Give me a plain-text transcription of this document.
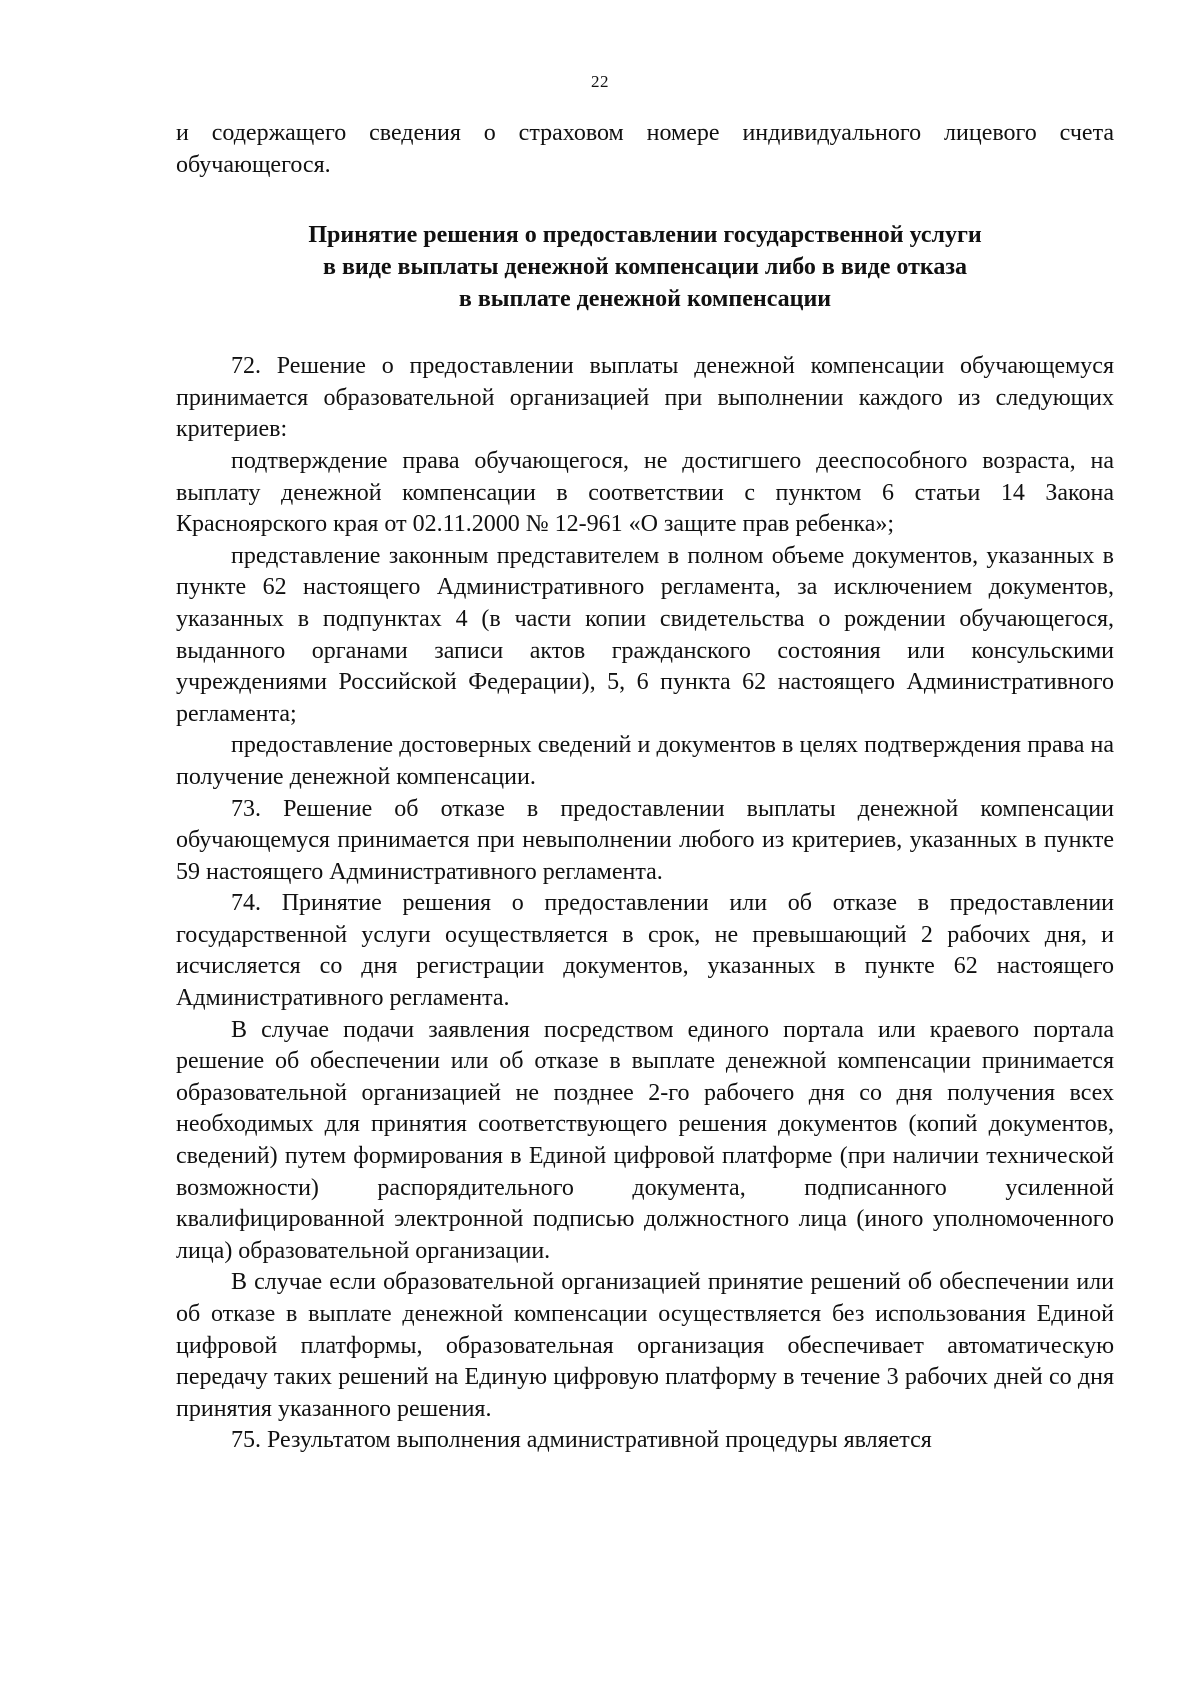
22

и содержащего сведения о страховом номере индивидуального лицевого счета обучающегося.

Принятие решения о предоставлении государственной услуги
в виде выплаты денежной компенсации либо в виде отказа
в выплате денежной компенсации

72. Решение о предоставлении выплаты денежной компенсации обучающемуся принимается образовательной организацией при выполнении каждого из следующих критериев:

подтверждение права обучающегося, не достигшего дееспособного возраста, на выплату денежной компенсации в соответствии с пунктом 6 статьи 14 Закона Красноярского края от 02.11.2000 № 12-961 «О защите прав ребенка»;

представление законным представителем в полном объеме документов, указанных в пункте 62 настоящего Административного регламента, за исключением документов, указанных в подпунктах 4 (в части копии свидетельства о рождении обучающегося, выданного органами записи актов гражданского состояния или консульскими учреждениями Российской Федерации), 5, 6 пункта 62 настоящего Административного регламента;

предоставление достоверных сведений и документов в целях подтверждения права на получение денежной компенсации.

73. Решение об отказе в предоставлении выплаты денежной компенсации обучающемуся принимается при невыполнении любого из критериев, указанных в пункте 59 настоящего Административного регламента.

74. Принятие решения о предоставлении или об отказе в предоставлении государственной услуги осуществляется в срок, не превышающий 2 рабочих дня, и исчисляется со дня регистрации документов, указанных в пункте 62 настоящего Административного регламента.

В случае подачи заявления посредством единого портала или краевого портала решение об обеспечении или об отказе в выплате денежной компенсации принимается образовательной организацией не позднее 2-го рабочего дня со дня получения всех необходимых для принятия соответствующего решения документов (копий документов, сведений) путем формирования в Единой цифровой платформе (при наличии технической возможности) распорядительного документа, подписанного усиленной квалифицированной электронной подписью должностного лица (иного уполномоченного лица) образовательной организации.

В случае если образовательной организацией принятие решений об обеспечении или об отказе в выплате денежной компенсации осуществляется без использования Единой цифровой платформы, образовательная организация обеспечивает автоматическую передачу таких решений на Единую цифровую платформу в течение 3 рабочих дней со дня принятия указанного решения.

75. Результатом выполнения административной процедуры является
